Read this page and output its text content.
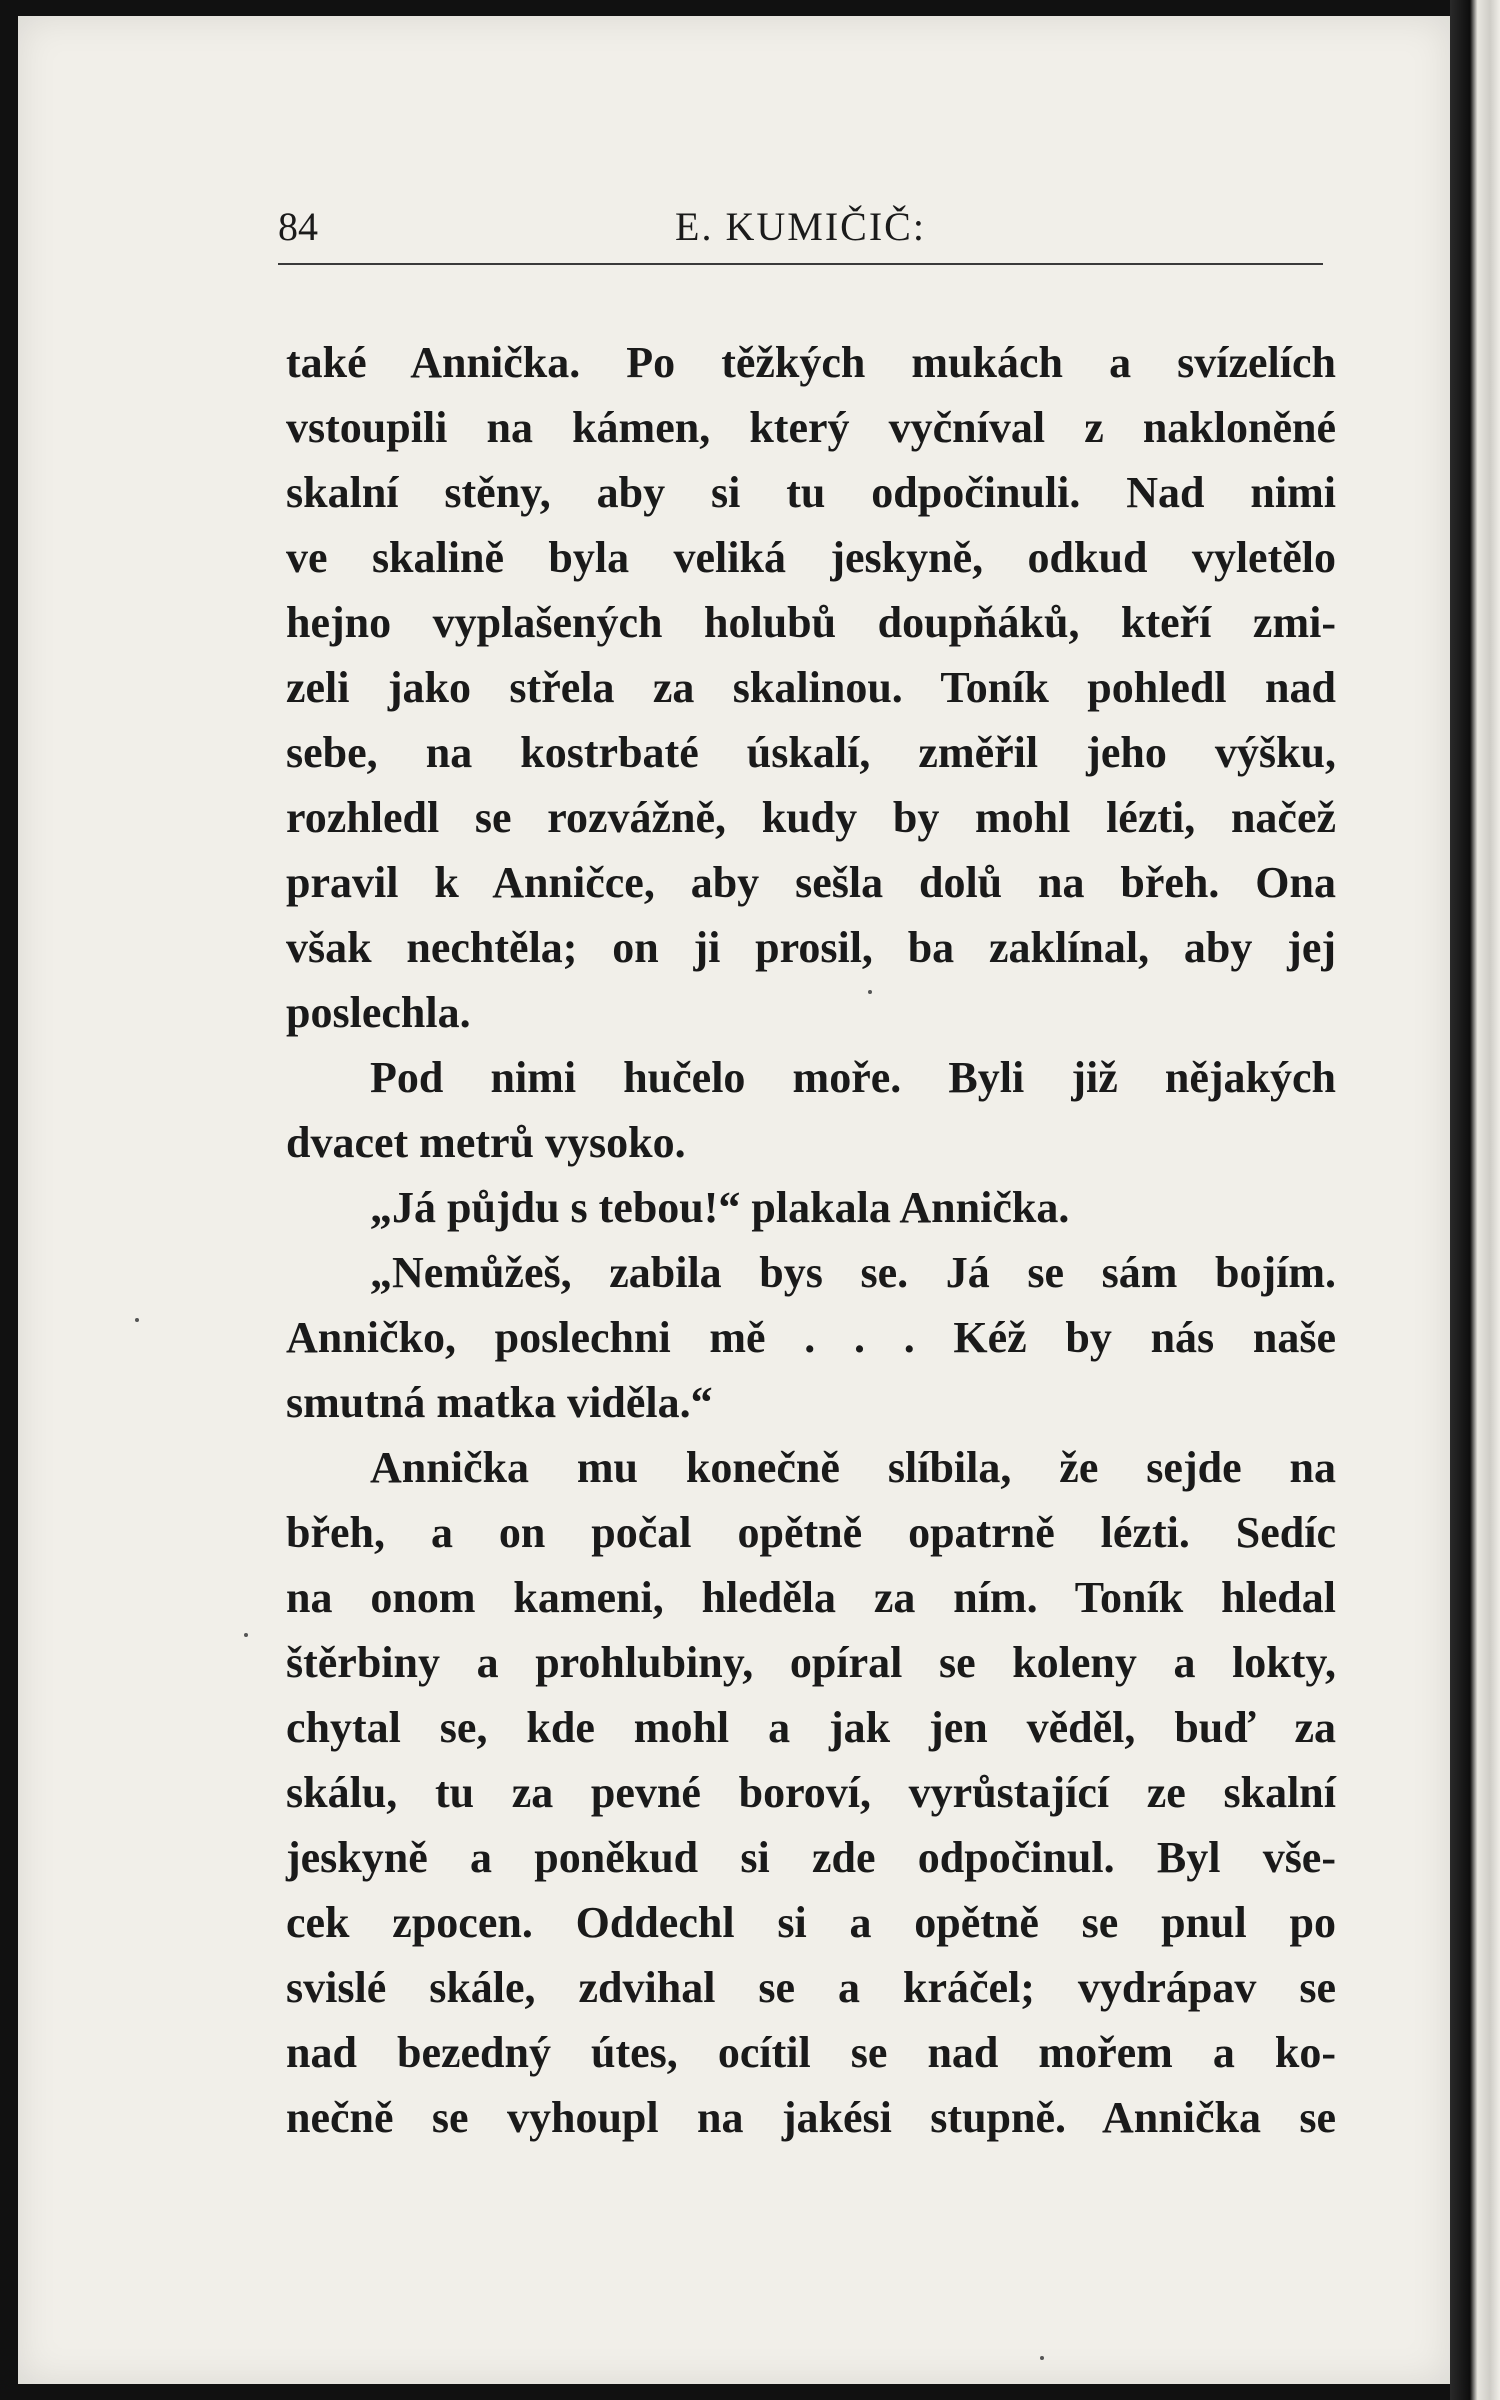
84	E. KUMIČIČ:
také Annička. Po těžkých mukách a svízelích
vstoupili na kámen, který vyčníval z nakloněné
skalní stěny, aby si tu odpočinuli. Nad nimi
ve skalině byla veliká jeskyně, odkud vyletělo
hejno vyplašených holubů doupňáků, kteří zmi-
zeli jako střela za skalinou. Toník pohledl nad
sebe, na kostrbaté úskalí, změřil jeho výšku,
rozhledl se rozvážně, kudy by mohl lézti, načež
pravil k Anničce, aby sešla dolů na břeh. Ona
však nechtěla; on ji prosil, ba zaklínal, aby jej
poslechla.
Pod nimi hučelo moře. Byli již nějakých
dvacet metrů vysoko.
„Já půjdu s tebou!“ plakala Annička.
„Nemůžeš, zabila bys se. Já se sám bojím.
Anničko, poslechni mě . . . Kéž by nás naše
smutná matka viděla.“
Annička mu konečně slíbila, že sejde na
břeh, a on počal opětně opatrně lézti. Sedíc
na onom kameni, hleděla za ním. Toník hledal
štěrbiny a prohlubiny, opíral se koleny a lokty,
chytal se, kde mohl a jak jen věděl, buď za
skálu, tu za pevné boroví, vyrůstající ze skalní
jeskyně a poněkud si zde odpočinul. Byl vše-
cek zpocen. Oddechl si a opětně se pnul po
svislé skále, zdvihal se a kráčel; vydrápav se
nad bezedný útes, ocítil se nad mořem a ko-
nečně se vyhoupl na jakési stupně. Annička se
